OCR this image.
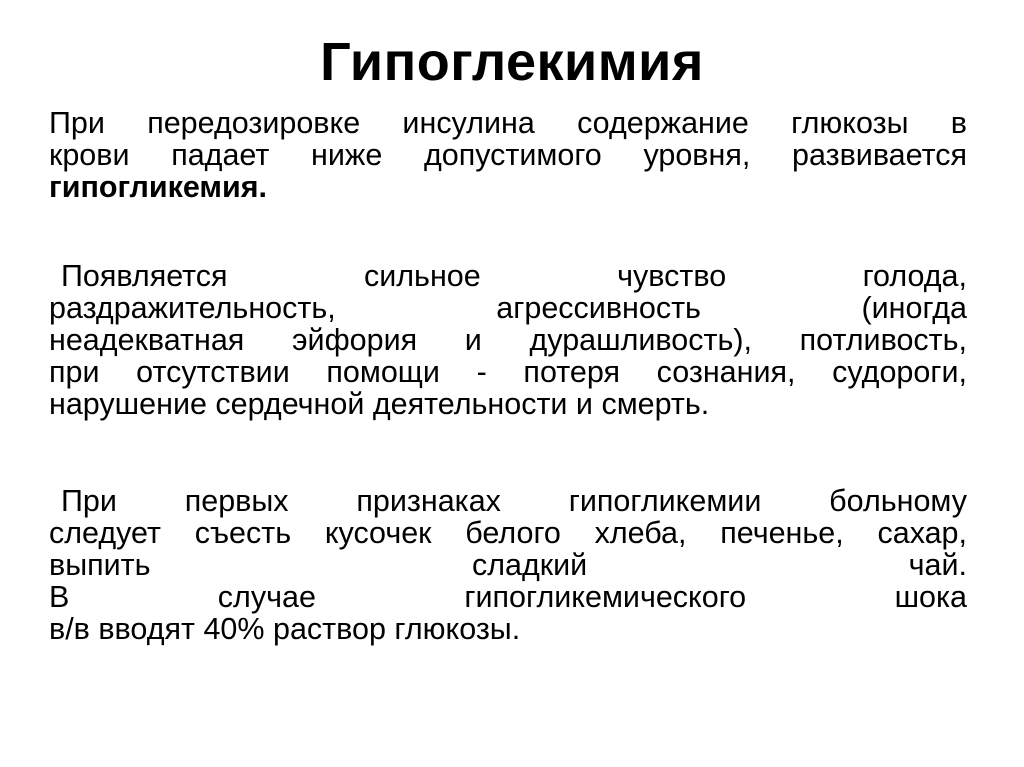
Гипоглекимия
При передозировке инсулина содержание глюкозы в
крови падает ниже допустимого уровня, развивается
гипогликемия.
Появляется сильное чувство голода,
раздражительность, агрессивность (иногда
неадекватная эйфория и дурашливость), потливость,
при отсутствии помощи - потеря сознания, судороги,
нарушение сердечной деятельности и смерть.
При первых признаках гипогликемии больному
следует съесть кусочек белого хлеба, печенье, сахар,
выпить сладкий чай.
В случае гипогликемического шока
в/в вводят 40% раствор глюкозы.
